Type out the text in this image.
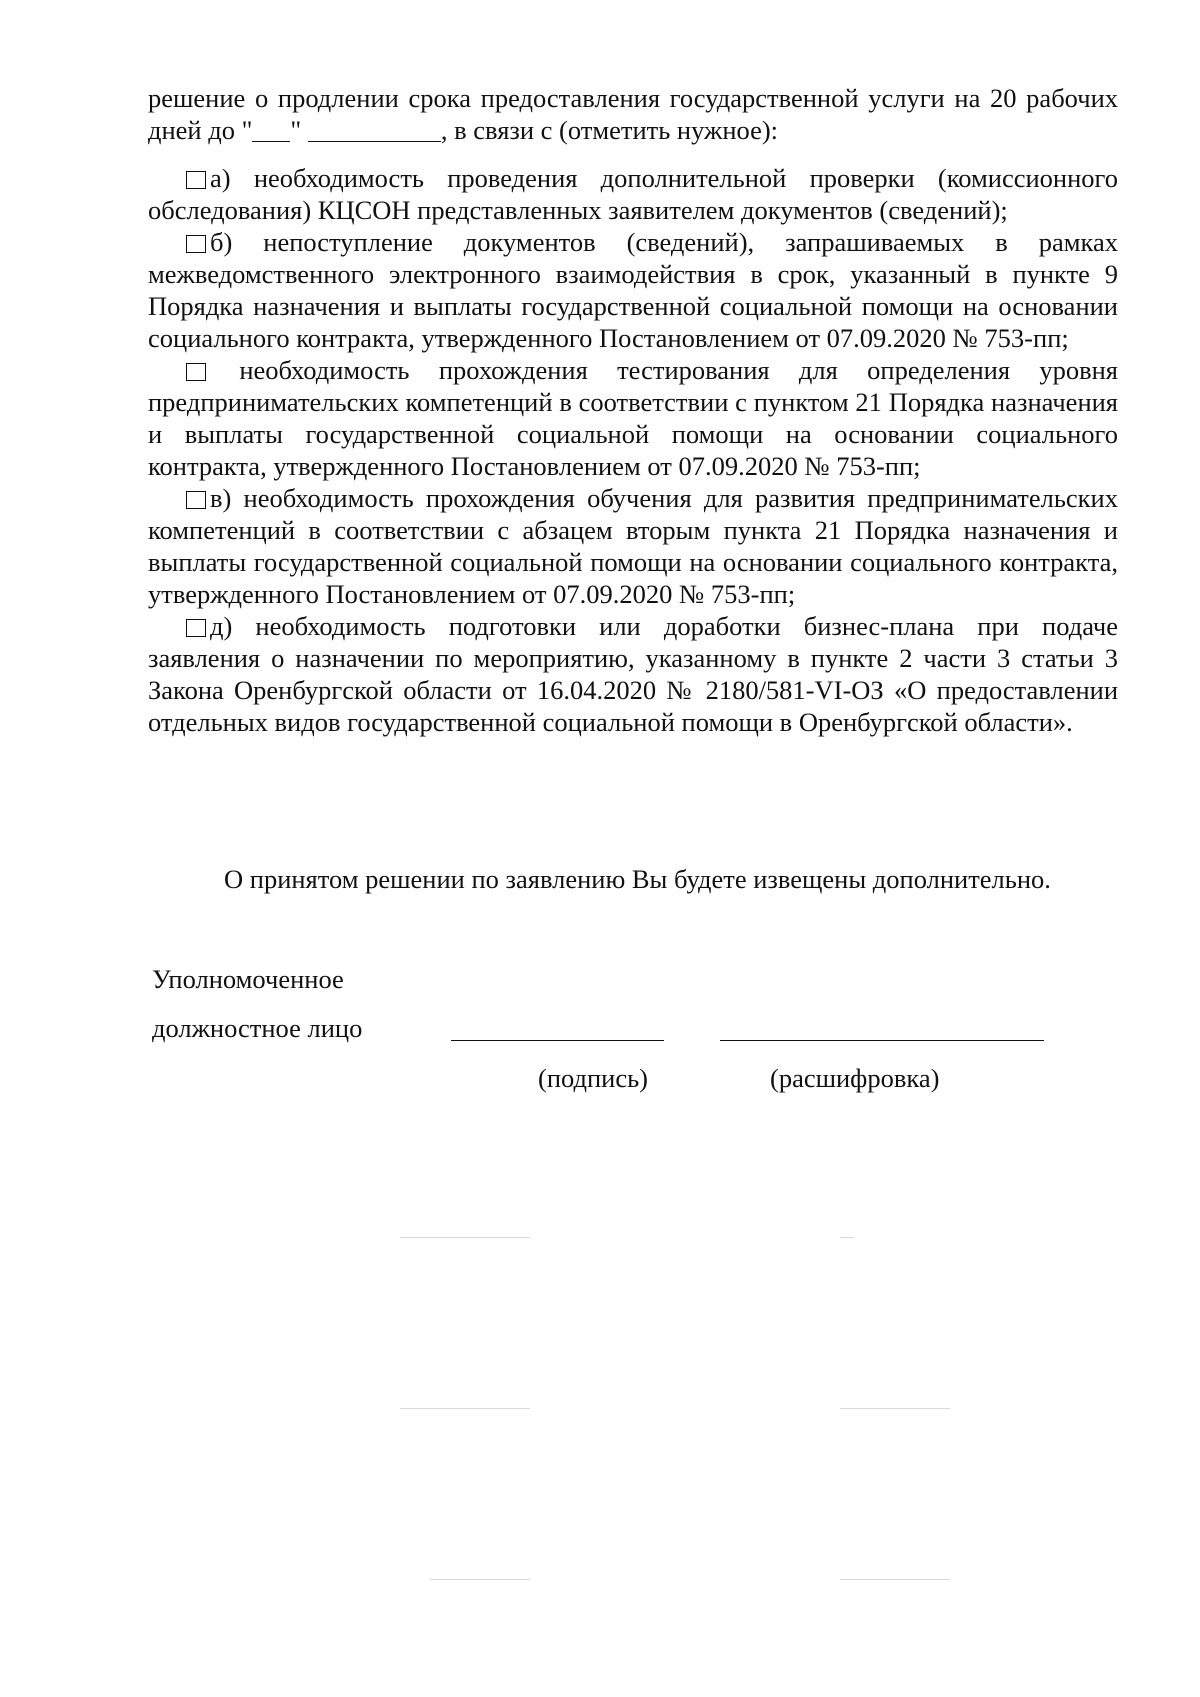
решение о продлении срока предоставления государственной услуги на 20 рабочих дней до " "	, в связи с (отметить нужное):

а) необходимость проведения дополнительной проверки (комиссионного обследования) КЦСОН представленных заявителем документов (сведений);

б) непоступление документов (сведений), запрашиваемых в рамках межведомственного электронного взаимодействия в срок, указанный в пункте 9 Порядка назначения и выплаты государственной социальной помощи на основании социального контракта, утвержденного Постановлением от 07.09.2020 № 753-пп;

необходимость прохождения тестирования для определения уровня предпринимательских компетенций в соответствии с пунктом 21 Порядка назначения и выплаты государственной социальной помощи на основании социального контракта, утвержденного Постановлением от 07.09.2020 № 753-пп;

в) необходимость прохождения обучения для развития предпринимательских компетенций в соответствии с абзацем вторым пункта 21 Порядка назначения и выплаты государственной социальной помощи на основании социального контракта, утвержденного Постановлением от 07.09.2020 № 753-пп;

д) необходимость подготовки или доработки бизнес-плана при подаче заявления о назначении по мероприятию, указанному в пункте 2 части 3 статьи 3 Закона Оренбургской области от 16.04.2020 № 2180/581-VI-ОЗ «О предоставлении отдельных видов государственной социальной помощи в Оренбургской области».

О принятом решении по заявлению Вы будете извещены дополнительно.
Уполномоченное
должностное лицо
(подпись)	(расшифровка)
